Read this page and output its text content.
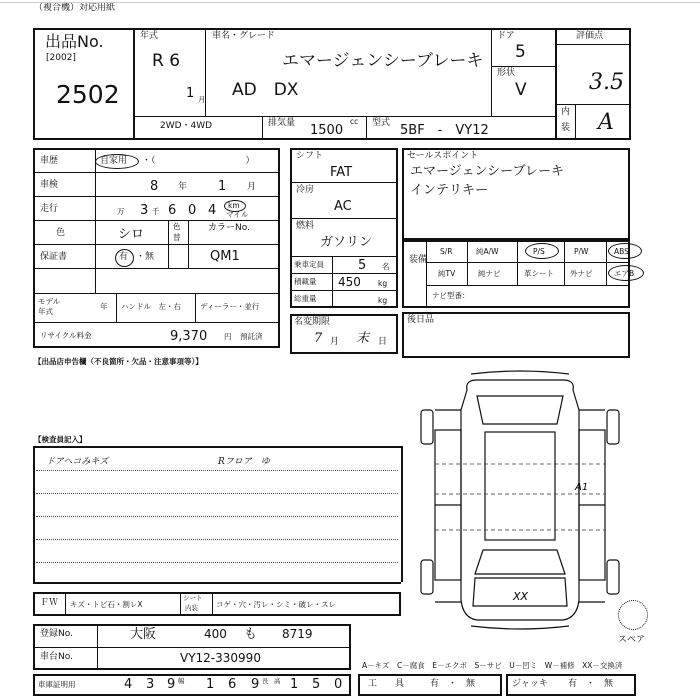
（複合機）対応用紙
出品No.
[2002]
2502
年式
R 6
1 月
車名・グレード
エマージェンシーブレーキ
AD　DX
ドア
5
形状
V
評価点
3.5
内
装 A
2WD・4WD	排気量 1500
cc 型式 5BF　-　VY12
車歴	自家用 ・（　　　　　　　　　　）
車検	8 年 1 月
走行	万 3 千 6 0 4 km
マイル
色	シロ
色
替
カラーNo.
QM1
保証書	有 ・無
モデル
年式
年 ハンドル　左・右	ディーラー・並行
リサイクル料金	9,370 円 預託済
シフト
FAT
冷房
AC
燃料
ガソリン
乗車定員	5 名
積載量 450 kg
総重量	kg
名変期限
7 月 末 日
セールスポイント
エマージェンシーブレーキ
インテリキー
装備
S/R	純A/W	P/S	P/W	ABS
純TV	純ナビ	革シート 外ナビ	エアB
ナビ型番：
後日品
【出品店申告欄（不良箇所・欠品・注意事項等）】
【検査員記入】
ドアヘコみキズ	Rフロア　ゆ
A1
XX
スペア
ＦＷ キズ・トビ石・割レX
シート
内装 コゲ・穴・汚レ・シミ・破レ・スレ
登録No.	大阪	400 も 8719
車台No.	VY12-330990
A－キズ　C－腐食　E－エクボ　S－サビ　U－凹ミ　W－補修　XX－交換済
車庫証明用	4 3 9 幅 1 6 9 長 1 5 0
高	工　　具	有　・　無	ジャッキ 有　・　無
